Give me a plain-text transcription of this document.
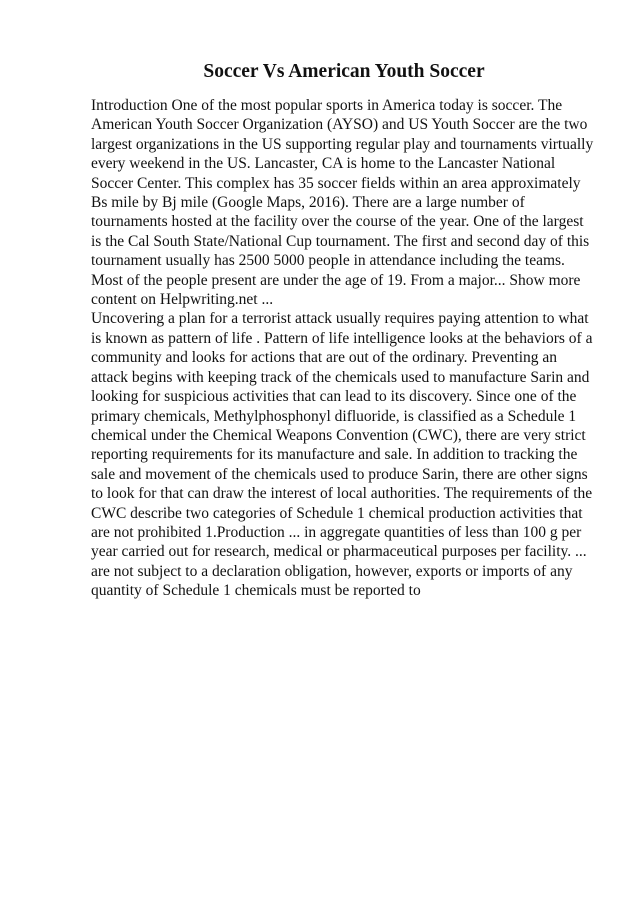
Soccer Vs American Youth Soccer

Introduction One of the most popular sports in America today is soccer. The American Youth Soccer Organization (AYSO) and US Youth Soccer are the two largest organizations in the US supporting regular play and tournaments virtually every weekend in the US. Lancaster, CA is home to the Lancaster National Soccer Center. This complex has 35 soccer fields within an area approximately Bs mile by Bj mile (Google Maps, 2016). There are a large number of tournaments hosted at the facility over the course of the year. One of the largest is the Cal South State/National Cup tournament. The first and second day of this tournament usually has 2500 5000 people in attendance including the teams. Most of the people present are under the age of 19. From a major... Show more content on Helpwriting.net ...

Uncovering a plan for a terrorist attack usually requires paying attention to what is known as pattern of life . Pattern of life intelligence looks at the behaviors of a community and looks for actions that are out of the ordinary. Preventing an attack begins with keeping track of the chemicals used to manufacture Sarin and looking for suspicious activities that can lead to its discovery. Since one of the primary chemicals, Methylphosphonyl difluoride, is classified as a Schedule 1 chemical under the Chemical Weapons Convention (CWC), there are very strict reporting requirements for its manufacture and sale. In addition to tracking the sale and movement of the chemicals used to produce Sarin, there are other signs to look for that can draw the interest of local authorities. The requirements of the CWC describe two categories of Schedule 1 chemical production activities that are not prohibited 1.Production ... in aggregate quantities of less than 100 g per year carried out for research, medical or pharmaceutical purposes per facility. ... are not subject to a declaration obligation, however, exports or imports of any quantity of Schedule 1 chemicals must be reported to
